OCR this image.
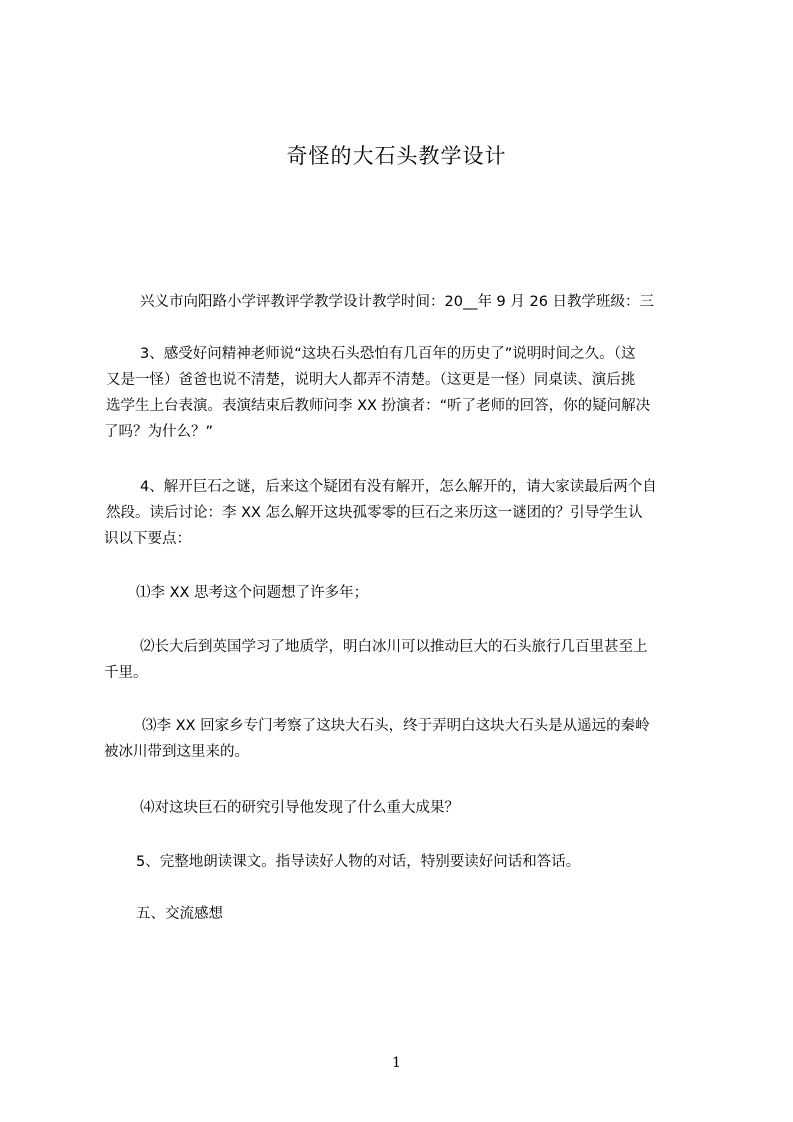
奇怪的大石头教学设计
兴义市向阳路小学评教评学教学设计教学时间：20__年 9 月 26 日教学班级：三
3、感受好问精神老师说“这块石头恐怕有几百年的历史了”说明时间之久。（这
又是一怪）爸爸也说不清楚，说明大人都弄不清楚。（这更是一怪）同桌读、演后挑
选学生上台表演。表演结束后教师问李 XX 扮演者：“听了老师的回答，你的疑问解决
了吗？为什么？”
4、解开巨石之谜，后来这个疑团有没有解开，怎么解开的，请大家读最后两个自
然段。读后讨论：李 XX 怎么解开这块孤零零的巨石之来历这一谜团的？引导学生认
识以下要点：
⑴李 XX 思考这个问题想了许多年；
⑵长大后到英国学习了地质学，明白冰川可以推动巨大的石头旅行几百里甚至上
千里。
⑶李 XX 回家乡专门考察了这块大石头，终于弄明白这块大石头是从遥远的秦岭
被冰川带到这里来的。
⑷对这块巨石的研究引导他发现了什么重大成果？
5、完整地朗读课文。指导读好人物的对话，特别要读好问话和答话。
五、交流感想
1
